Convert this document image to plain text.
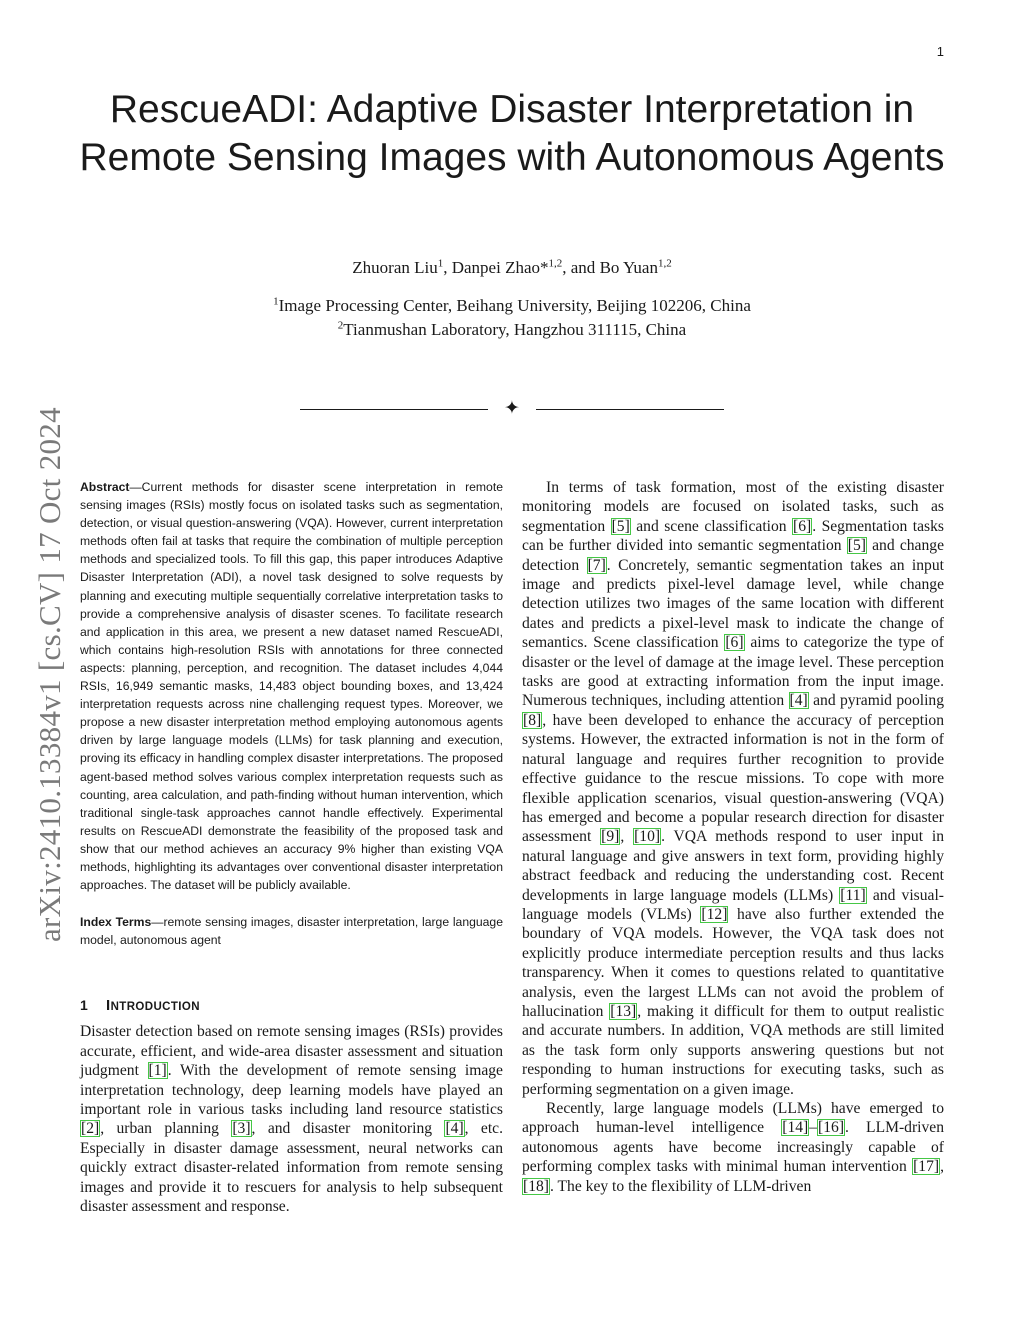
1
arXiv:2410.13384v1 [cs.CV] 17 Oct 2024
RescueADI: Adaptive Disaster Interpretation in Remote Sensing Images with Autonomous Agents
Zhuoran Liu$^1$, Danpei Zhao*$^{1,2}$, and Bo Yuan$^{1,2}$
$^1$Image Processing Center, Beihang University, Beijing 102206, China
$^2$Tianmushan Laboratory, Hangzhou 311115, China
✦

Abstract—Current methods for disaster scene interpretation in remote sensing images (RSIs) mostly focus on isolated tasks such as segmentation, detection, or visual question-answering (VQA). However, current interpretation methods often fail at tasks that require the combination of multiple perception methods and specialized tools. To fill this gap, this paper introduces Adaptive Disaster Interpretation (ADI), a novel task designed to solve requests by planning and executing multiple sequentially correlative interpretation tasks to provide a comprehensive analysis of disaster scenes. To facilitate research and application in this area, we present a new dataset named RescueADI, which contains high-resolution RSIs with annotations for three connected aspects: planning, perception, and recognition. The dataset includes 4,044 RSIs, 16,949 semantic masks, 14,483 object bounding boxes, and 13,424 interpretation requests across nine challenging request types. Moreover, we propose a new disaster interpretation method employing autonomous agents driven by large language models (LLMs) for task planning and execution, proving its efficacy in handling complex disaster interpretations. The proposed agent-based method solves various complex interpretation requests such as counting, area calculation, and path-finding without human intervention, which traditional single-task approaches cannot handle effectively. Experimental results on RescueADI demonstrate the feasibility of the proposed task and show that our method achieves an accuracy 9% higher than existing VQA methods, highlighting its advantages over conventional disaster interpretation approaches. The dataset will be publicly available.

Index Terms—remote sensing images, disaster interpretation, large language model, autonomous agent

1 INTRODUCTION

Disaster detection based on remote sensing images (RSIs) provides accurate, efficient, and wide-area disaster assessment and situation judgment [1]. With the development of remote sensing image interpretation technology, deep learning models have played an important role in various tasks including land resource statistics [2], urban planning [3], and disaster monitoring [4], etc. Especially in disaster damage assessment, neural networks can quickly extract disaster-related information from remote sensing images and provide it to rescuers for analysis to help subsequent disaster assessment and response.

In terms of task formation, most of the existing disaster monitoring models are focused on isolated tasks, such as segmentation [5] and scene classification [6]. Segmentation tasks can be further divided into semantic segmentation [5] and change detection [7]. Concretely, semantic segmentation takes an input image and predicts pixel-level damage level, while change detection utilizes two images of the same location with different dates and predicts a pixel-level mask to indicate the change of semantics. Scene classification [6] aims to categorize the type of disaster or the level of damage at the image level. These perception tasks are good at extracting information from the input image. Numerous techniques, including attention [4] and pyramid pooling [8], have been developed to enhance the accuracy of perception systems. However, the extracted information is not in the form of natural language and requires further recognition to provide effective guidance to the rescue missions. To cope with more flexible application scenarios, visual question-answering (VQA) has emerged and become a popular research direction for disaster assessment [9], [10]. VQA methods respond to user input in natural language and give answers in text form, providing highly abstract feedback and reducing the understanding cost. Recent developments in large language models (LLMs) [11] and visual-language models (VLMs) [12] have also further extended the boundary of VQA models. However, the VQA task does not explicitly produce intermediate perception results and thus lacks transparency. When it comes to questions related to quantitative analysis, even the largest LLMs can not avoid the problem of hallucination [13], making it difficult for them to output realistic and accurate numbers. In addition, VQA methods are still limited as the task form only supports answering questions but not responding to human instructions for executing tasks, such as performing segmentation on a given image.

Recently, large language models (LLMs) have emerged to approach human-level intelligence [14]–[16]. LLM-driven autonomous agents have become increasingly capable of performing complex tasks with minimal human intervention [17], [18]. The key to the flexibility of LLM-driven
